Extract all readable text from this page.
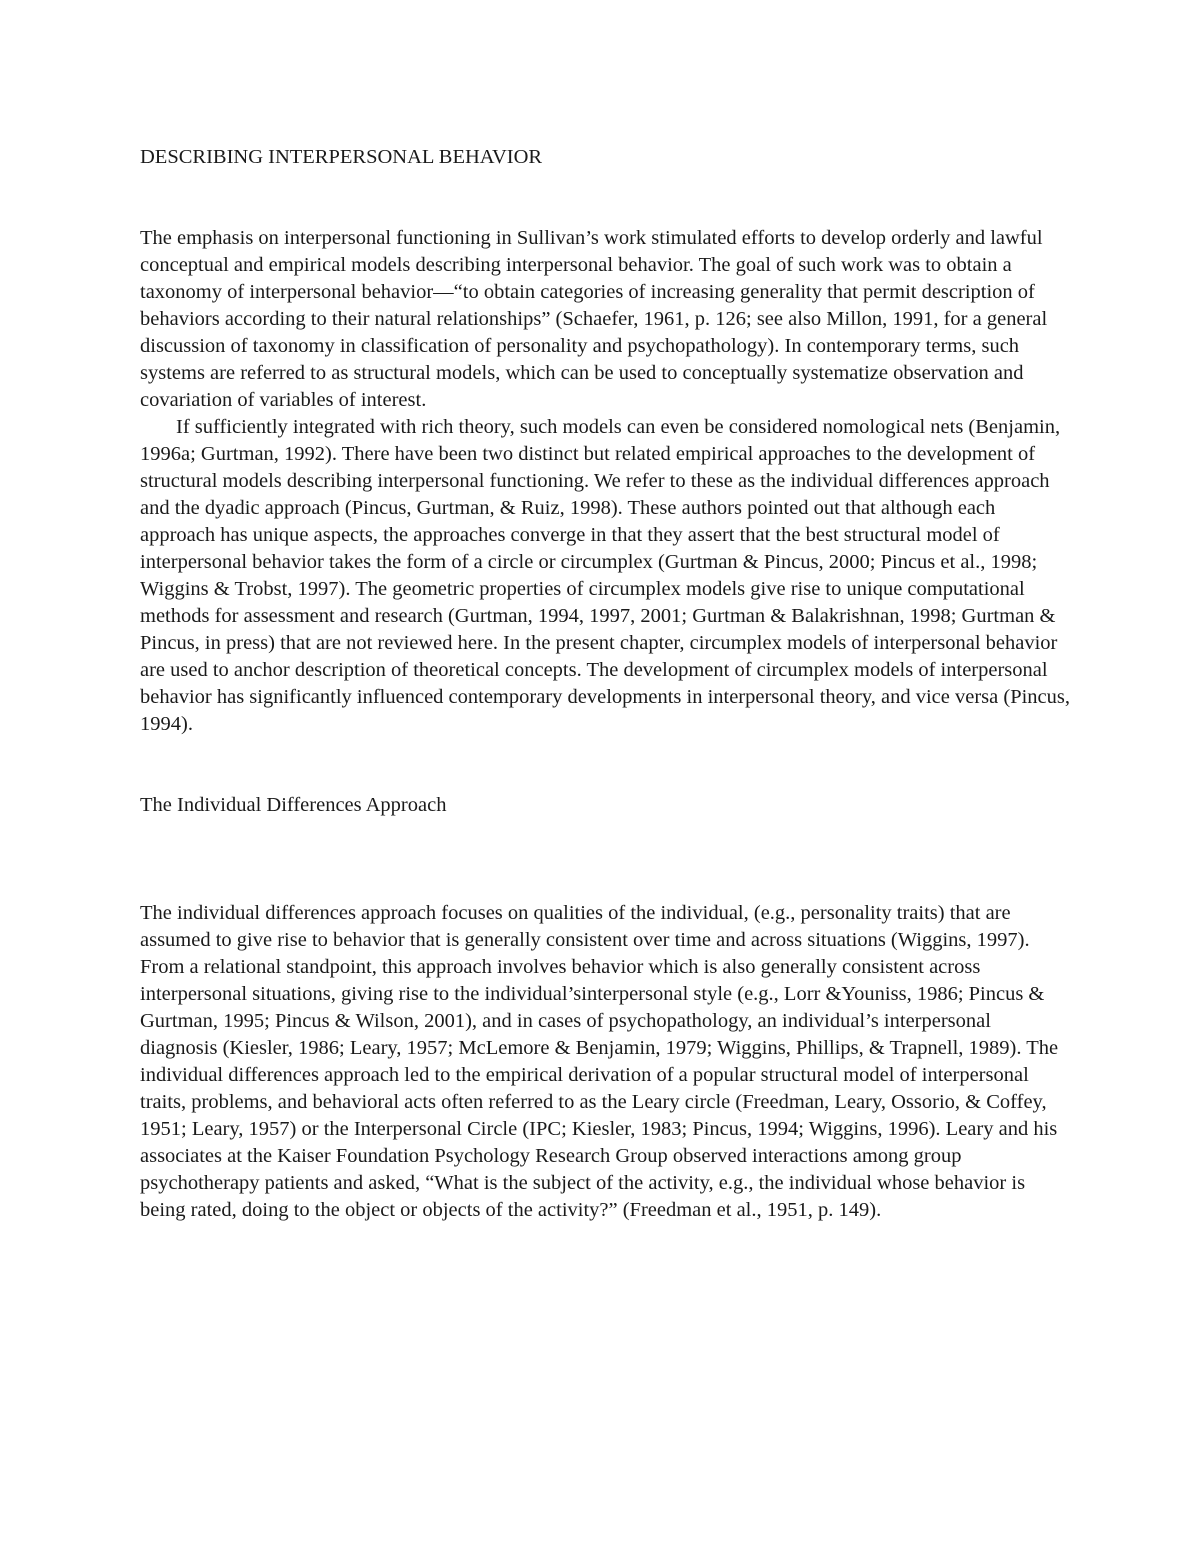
DESCRIBING INTERPERSONAL BEHAVIOR

The emphasis on interpersonal functioning in Sullivan’s work stimulated efforts to develop orderly and lawful conceptual and empirical models describing interpersonal behavior. The goal of such work was to obtain a taxonomy of interpersonal behavior—“to obtain categories of increasing generality that permit description of behaviors according to their natural relationships” (Schaefer, 1961, p. 126; see also Millon, 1991, for a general discussion of taxonomy in classification of personality and psychopathology). In contemporary terms, such systems are referred to as structural models, which can be used to conceptually systematize observation and covariation of variables of interest.

If sufficiently integrated with rich theory, such models can even be considered nomological nets (Benjamin, 1996a; Gurtman, 1992). There have been two distinct but related empirical approaches to the development of structural models describing interpersonal functioning. We refer to these as the individual differences approach and the dyadic approach (Pincus, Gurtman, & Ruiz, 1998). These authors pointed out that although each approach has unique aspects, the approaches converge in that they assert that the best structural model of interpersonal behavior takes the form of a circle or circumplex (Gurtman & Pincus, 2000; Pincus et al., 1998; Wiggins & Trobst, 1997). The geometric properties of circumplex models give rise to unique computational methods for assessment and research (Gurtman, 1994, 1997, 2001; Gurtman & Balakrishnan, 1998; Gurtman & Pincus, in press) that are not reviewed here. In the present chapter, circumplex models of interpersonal behavior are used to anchor description of theoretical concepts. The development of circumplex models of interpersonal behavior has significantly influenced contemporary developments in interpersonal theory, and vice versa (Pincus, 1994).

The Individual Differences Approach

The individual differences approach focuses on qualities of the individual, (e.g., personality traits) that are assumed to give rise to behavior that is generally consistent over time and across situations (Wiggins, 1997). From a relational standpoint, this approach involves behavior which is also generally consistent across interpersonal situations, giving rise to the individual’sinterpersonal style (e.g., Lorr &Youniss, 1986; Pincus & Gurtman, 1995; Pincus & Wilson, 2001), and in cases of psychopathology, an individual’s interpersonal diagnosis (Kiesler, 1986; Leary, 1957; McLemore & Benjamin, 1979; Wiggins, Phillips, & Trapnell, 1989). The individual differences approach led to the empirical derivation of a popular structural model of interpersonal traits, problems, and behavioral acts often referred to as the Leary circle (Freedman, Leary, Ossorio, & Coffey, 1951; Leary, 1957) or the Interpersonal Circle (IPC; Kiesler, 1983; Pincus, 1994; Wiggins, 1996). Leary and his associates at the Kaiser Foundation Psychology Research Group observed interactions among group psychotherapy patients and asked, “What is the subject of the activity, e.g., the individual whose behavior is being rated, doing to the object or objects of the activity?” (Freedman et al., 1951, p. 149).
